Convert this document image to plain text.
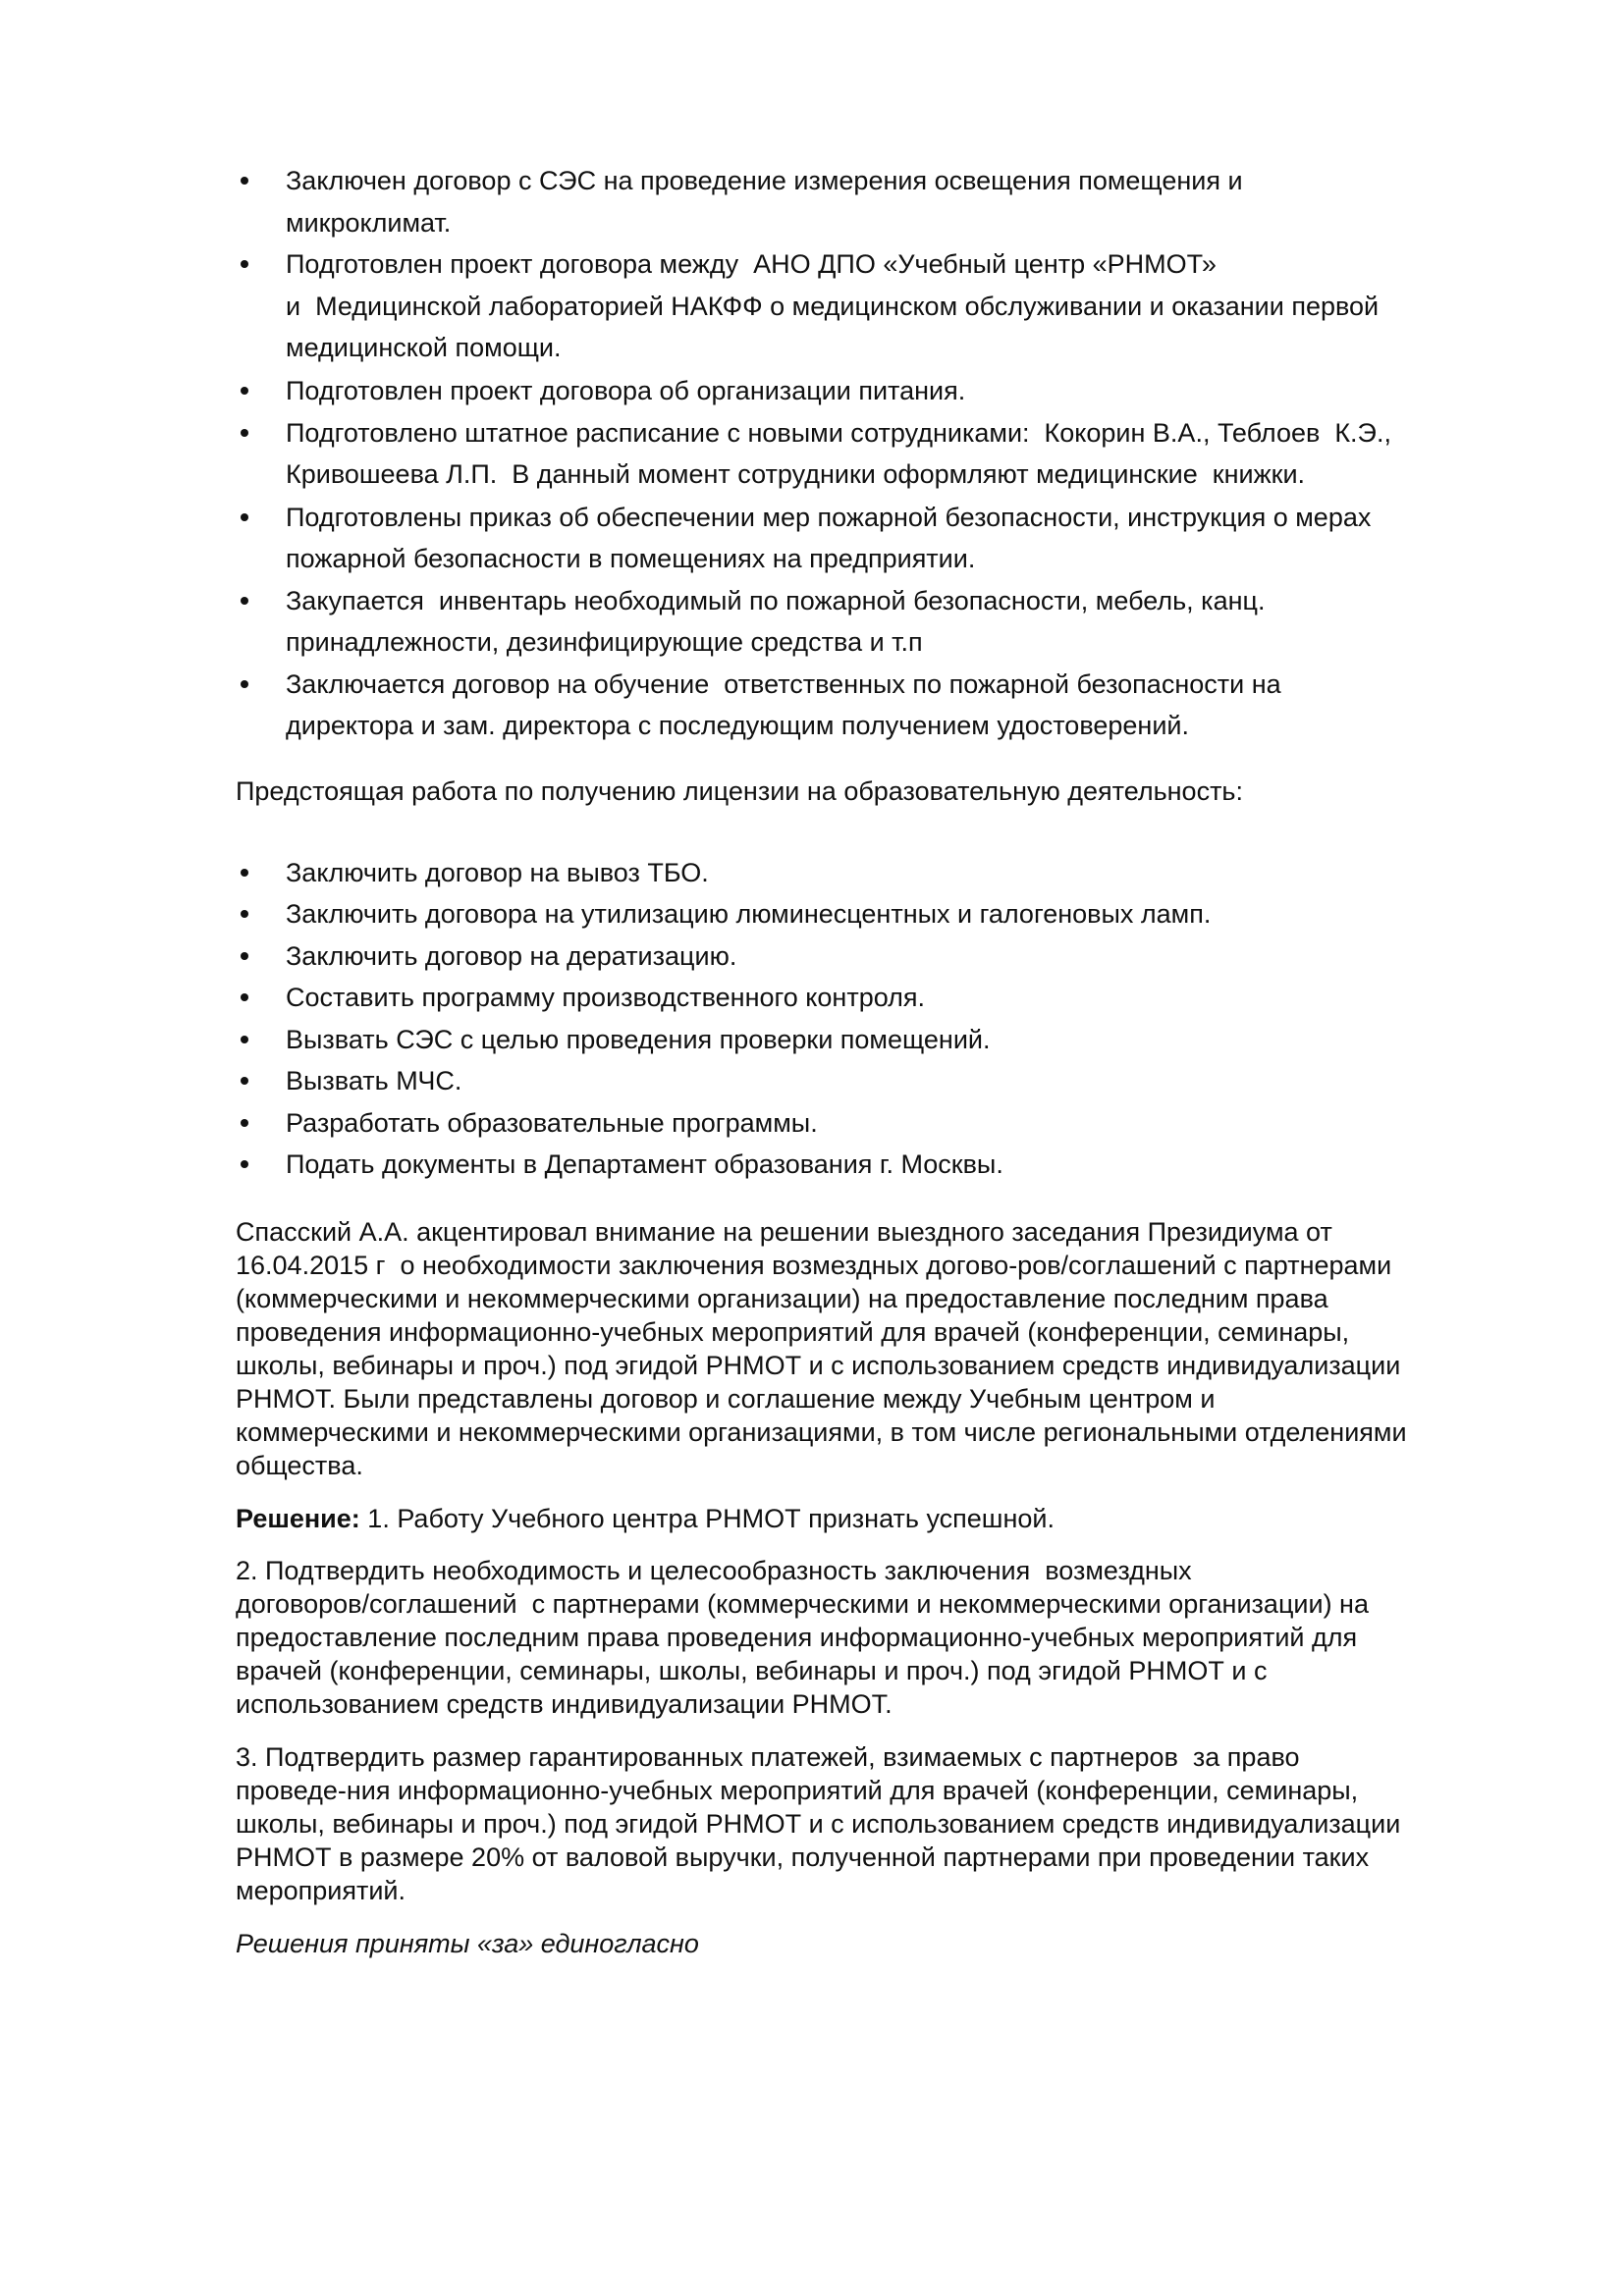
Заключен договор с СЭС на проведение измерения освещения помещения и
микроклимат.
Подготовлен проект договора между  АНО ДПО «Учебный центр «РНМОТ»
и  Медицинской лабораторией НАКФФ о медицинском обслуживании и оказании первой
медицинской помощи.
Подготовлен проект договора об организации питания.
Подготовлено штатное расписание с новыми сотрудниками:  Кокорин В.А., Теблоев  К.Э.,
Кривошеева Л.П.  В данный момент сотрудники оформляют медицинские  книжки.
Подготовлены приказ об обеспечении мер пожарной безопасности, инструкция о мерах
пожарной безопасности в помещениях на предприятии.
Закупается  инвентарь необходимый по пожарной безопасности, мебель, канц.
принадлежности, дезинфицирующие средства и т.п
Заключается договор на обучение  ответственных по пожарной безопасности на
директора и зам. директора с последующим получением удостоверений.
Предстоящая работа по получению лицензии на образовательную деятельность:
Заключить договор на вывоз ТБО.
Заключить договора на утилизацию люминесцентных и галогеновых ламп.
Заключить договор на дератизацию.
Составить программу производственного контроля.
Вызвать СЭС с целью проведения проверки помещений.
Вызвать МЧС.
Разработать образовательные программы.
Подать документы в Департамент образования г. Москвы.
Спасский А.А. акцентировал внимание на решении выездного заседания Президиума от
16.04.2015 г  о необходимости заключения возмездных догово-ров/соглашений с партнерами
(коммерческими и некоммерческими организации) на предоставление последним права
проведения информационно-учебных мероприятий для врачей (конференции, семинары,
школы, вебинары и проч.) под эгидой РНМОТ и с использованием средств индивидуализации
РНМОТ. Были представлены договор и соглашение между Учебным центром и
коммерческими и некоммерческими организациями, в том числе региональными отделениями
общества.
Решение: 1. Работу Учебного центра РНМОТ признать успешной.
2. Подтвердить необходимость и целесообразность заключения  возмездных
договоров/соглашений  с партнерами (коммерческими и некоммерческими организации) на
предоставление последним права проведения информационно-учебных мероприятий для
врачей (конференции, семинары, школы, вебинары и проч.) под эгидой РНМОТ и с
использованием средств индивидуализации РНМОТ.
3. Подтвердить размер гарантированных платежей, взимаемых с партнеров  за право
проведе-ния информационно-учебных мероприятий для врачей (конференции, семинары,
школы, вебинары и проч.) под эгидой РНМОТ и с использованием средств индивидуализации
РНМОТ в размере 20% от валовой выручки, полученной партнерами при проведении таких
мероприятий.
Решения приняты «за» единогласно
